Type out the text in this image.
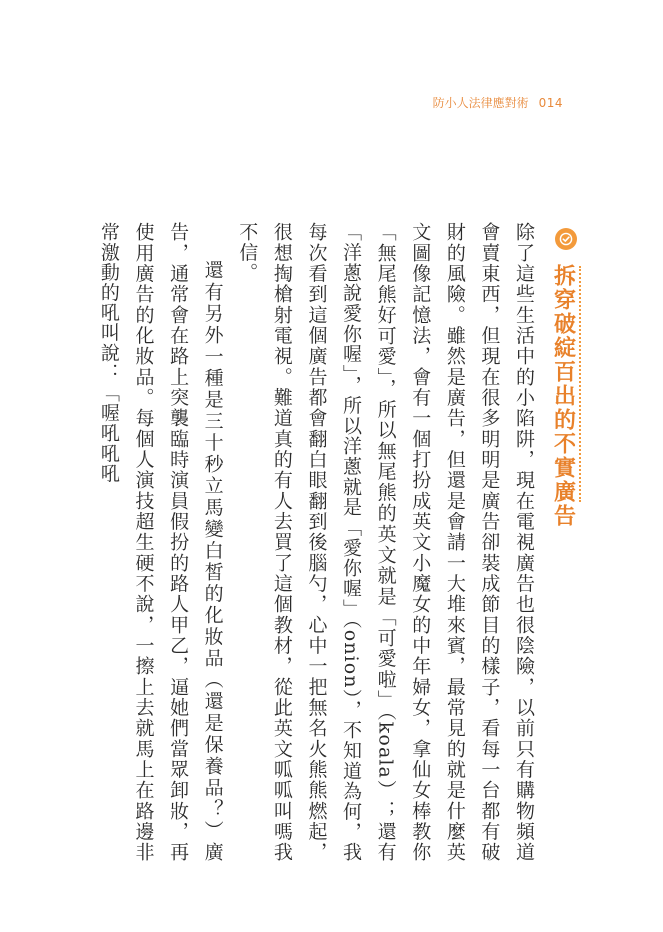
防小人法律應對術 014
拆穿破綻百出的不實廣告

除了這些生活中的小陷阱，現在電視廣告也很陰險，以前只有購物頻道會賣東西，但現在很多明明是廣告卻裝成節目的樣子，看每一台都有破財的風險。雖然是廣告，但還是會請一大堆來賓，最常見的就是什麼英文圖像記憶法，會有一個打扮成英文小魔女的中年婦女，拿仙女棒教你「無尾熊好可愛」，所以無尾熊的英文就是「可愛啦」（koala）；還有「洋蔥說愛你喔」，所以洋蔥就是「愛你喔」（onion），不知道為何，我每次看到這個廣告都會翻白眼翻到後腦勺，心中一把無名火熊熊燃起，很想掏槍射電視。難道真的有人去買了這個教材，從此英文呱呱叫嗎我不信。

還有另外一種是三十秒立馬變白皙的化妝品（還是保養品？）廣告，通常會在路上突襲臨時演員假扮的路人甲乙，逼她們當眾卸妝，再使用廣告的化妝品。每個人演技超生硬不說，一擦上去就馬上在路邊非常激動的吼叫說：「喔吼吼吼
